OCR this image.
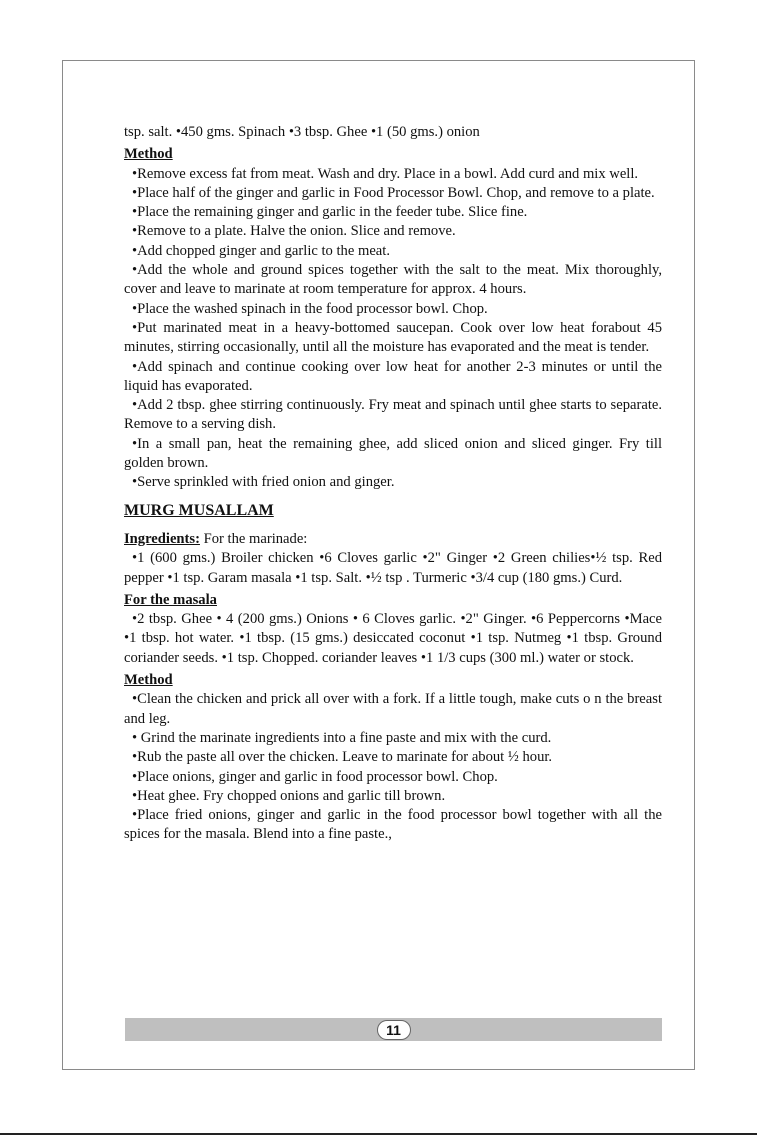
tsp. salt. •450 gms. Spinach •3 tbsp. Ghee •1 (50 gms.) onion
Method
•Remove excess fat from meat. Wash and dry. Place in a bowl. Add curd and mix well.
•Place half of the ginger and garlic in Food Processor Bowl. Chop, and remove to a plate.
•Place the remaining ginger and garlic in the feeder tube. Slice fine.
•Remove to a plate. Halve the onion. Slice and remove.
•Add chopped ginger and garlic to the meat.
•Add the whole and ground spices together with the salt to the meat. Mix thoroughly, cover and leave to marinate at room temperature for approx. 4 hours.
•Place the washed spinach in the food processor bowl. Chop.
•Put marinated meat in a heavy-bottomed saucepan. Cook over low heat forabout 45 minutes, stirring occasionally, until all the moisture has evaporated and the meat is tender.
•Add spinach and continue cooking over low heat for another 2-3 minutes or until the liquid has evaporated.
•Add 2 tbsp. ghee stirring continuously. Fry meat and spinach until ghee starts to separate. Remove to a serving dish.
•In a small pan, heat the remaining ghee, add sliced onion and sliced ginger. Fry till golden brown.
•Serve sprinkled with fried onion and ginger.
MURG MUSALLAM
Ingredients: For the marinade:
•1 (600 gms.) Broiler chicken •6 Cloves garlic •2" Ginger •2 Green chilies•½ tsp. Red pepper •1 tsp. Garam masala •1 tsp. Salt. •½ tsp . Turmeric •3/4 cup (180 gms.) Curd.
For the masala
•2 tbsp. Ghee • 4 (200 gms.) Onions • 6 Cloves garlic. •2" Ginger. •6 Peppercorns •Mace •1 tbsp. hot water. •1 tbsp. (15 gms.) desiccated coconut •1 tsp. Nutmeg •1 tbsp. Ground coriander seeds. •1 tsp. Chopped. coriander leaves •1 1/3 cups (300 ml.) water or stock.
Method
•Clean the chicken and prick all over with a fork. If a little tough, make cuts o n the breast and leg.
• Grind the marinate ingredients into a fine paste and mix with the curd.
•Rub the paste all over the chicken. Leave to marinate for about ½ hour.
•Place onions, ginger and garlic in food processor bowl. Chop.
•Heat ghee. Fry chopped onions and garlic till brown.
•Place fried onions, ginger and garlic in the food processor bowl together with all the spices for the masala. Blend into a fine paste.,
11
